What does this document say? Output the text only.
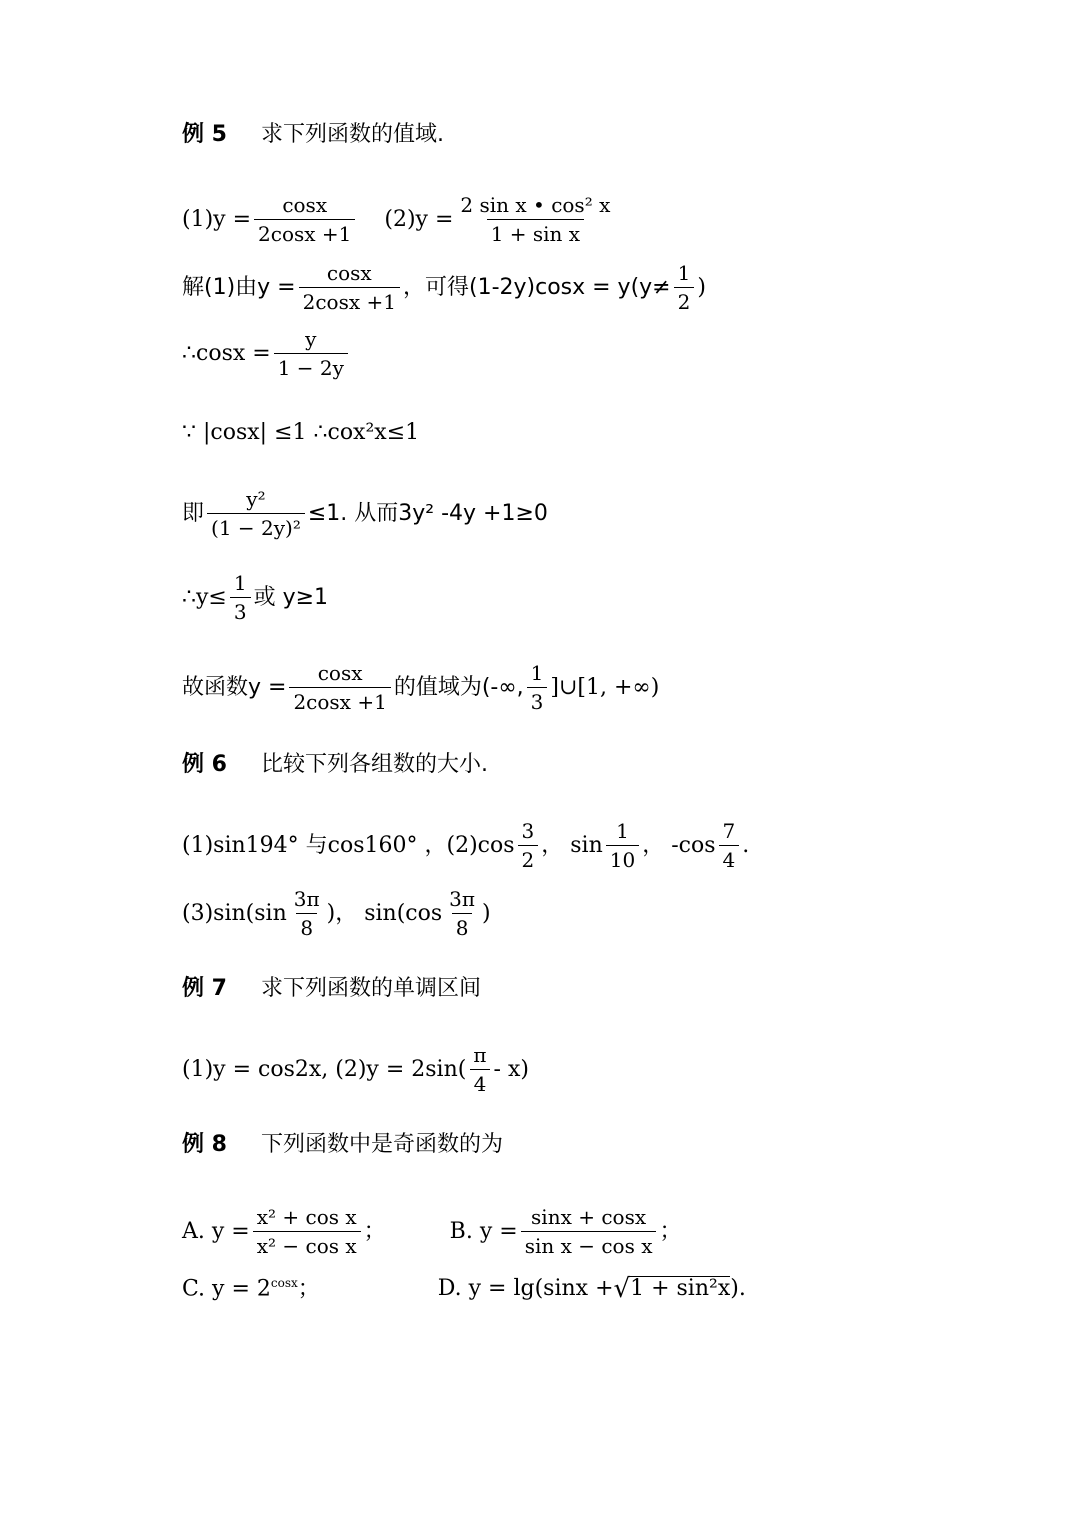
例 5 求下列函数的值域.
$(1)y = \frac{\cos x}{2\cos x +1} (2)y = \frac{\text{2 sin x • cos² x}}{\text{1 + sin x}}$
解(1)由$y = \frac{\cos x}{2\cos x +1}$ ，可得(1-2y)cosx = y(y≠
1
2
)
∴cosx = $\frac{y}{1 - 2y}$
∵ |cosx| ≤1 ∴cox²x≤1
即 $\frac{\text{y²}}{\text{(1 − 2y)²}} \le 1$. 从而3y² -4y +1≥0
∴y≤ $\frac{1}{3}$ 或 y≥1
故函数$y = \frac{\cos x}{2\cos x +1}$ 的值域为(-∞,
1
3
]∪[1, +∞)
例 6 比较下列各组数的大小.
(1)sin194° 与cos160° ，(2)cos
3
2
， sin
1
10
， -cos
7
4
.
(3)sin(sin
3π
8
)， sin(cos
3π
8
)
例 7 求下列函数的单调区间
(1)y = cos2x, (2)y = 2sin(
π
4
- x)
例 8 下列函数中是奇函数的为
A. $y = \frac{\text{x² + cos x}}{\text{x² − cos x}}$ ；	B. $y = \frac{\sin x + \cos x}{\text{sin x − cos x}}$ ；
C. $y = 2^{cosx}$；	D. y = lg(sinx + √ 1 + sin²x ).
